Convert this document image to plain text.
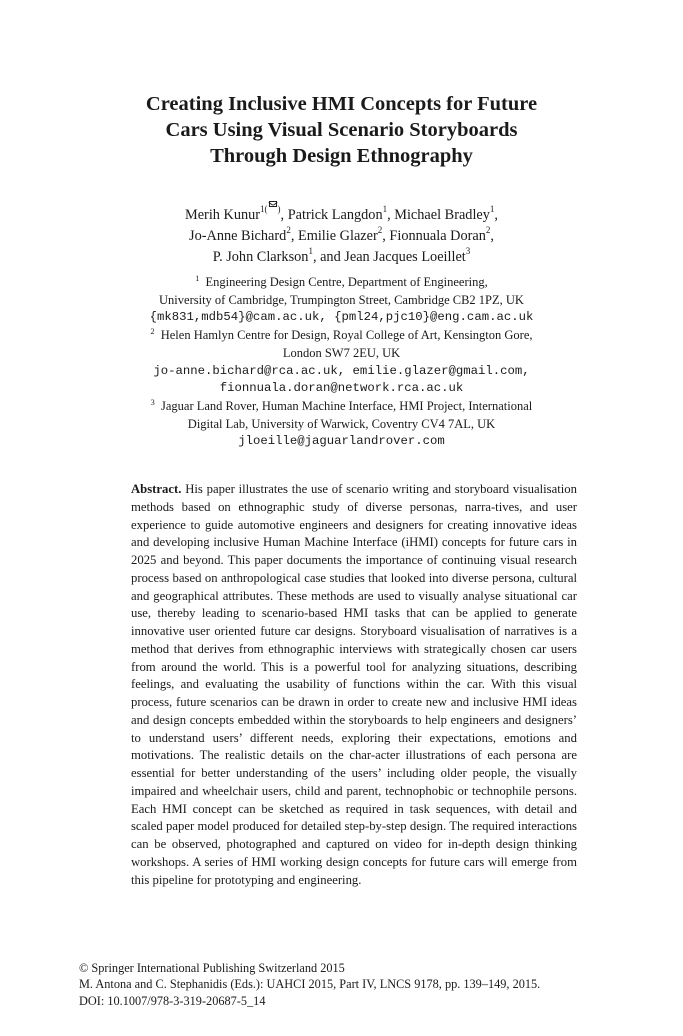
Creating Inclusive HMI Concepts for Future
Cars Using Visual Scenario Storyboards
Through Design Ethnography
Merih Kunur$^{1( )}$, Patrick Langdon$^1$, Michael Bradley$^1$,
Jo-Anne Bichard$^2$, Emilie Glazer$^2$, Fionnuala Doran$^2$,
P. John Clarkson$^1$, and Jean Jacques Loeillet$^3$
$^1$ Engineering Design Centre, Department of Engineering,
University of Cambridge, Trumpington Street, Cambridge CB2 1PZ, UK
{mk831,mdb54}@cam.ac.uk, {pml24,pjc10}@eng.cam.ac.uk
$^2$ Helen Hamlyn Centre for Design, Royal College of Art, Kensington Gore,
London SW7 2EU, UK
jo-anne.bichard@rca.ac.uk, emilie.glazer@gmail.com,
fionnuala.doran@network.rca.ac.uk
$^3$ Jaguar Land Rover, Human Machine Interface, HMI Project, International
Digital Lab, University of Warwick, Coventry CV4 7AL, UK
jloeille@jaguarlandrover.com

Abstract. His paper illustrates the use of scenario writing and storyboard visualisation methods based on ethnographic study of diverse personas, narra-tives, and user experience to guide automotive engineers and designers for creating innovative ideas and developing inclusive Human Machine Interface (iHMI) concepts for future cars in 2025 and beyond. This paper documents the importance of continuing visual research process based on anthropological case studies that looked into diverse persona, cultural and geographical attributes. These methods are used to visually analyse situational car use, thereby leading to scenario-based HMI tasks that can be applied to generate innovative user oriented future car designs. Storyboard visualisation of narratives is a method that derives from ethnographic interviews with strategically chosen car users from around the world. This is a powerful tool for analyzing situations, describing feelings, and evaluating the usability of functions within the car. With this visual process, future scenarios can be drawn in order to create new and inclusive HMI ideas and design concepts embedded within the storyboards to help engineers and designers’ to understand users’ different needs, exploring their expectations, emotions and motivations. The realistic details on the char-acter illustrations of each persona are essential for better understanding of the users’ including older people, the visually impaired and wheelchair users, child and parent, technophobic or technophile persons. Each HMI concept can be sketched as required in task sequences, with detail and scaled paper model produced for detailed step-by-step design. The required interactions can be observed, photographed and captured on video for in-depth design thinking workshops. A series of HMI working design concepts for future cars will emerge from this pipeline for prototyping and engineering.

© Springer International Publishing Switzerland 2015
M. Antona and C. Stephanidis (Eds.): UAHCI 2015, Part IV, LNCS 9178, pp. 139–149, 2015.
DOI: 10.1007/978-3-319-20687-5_14
